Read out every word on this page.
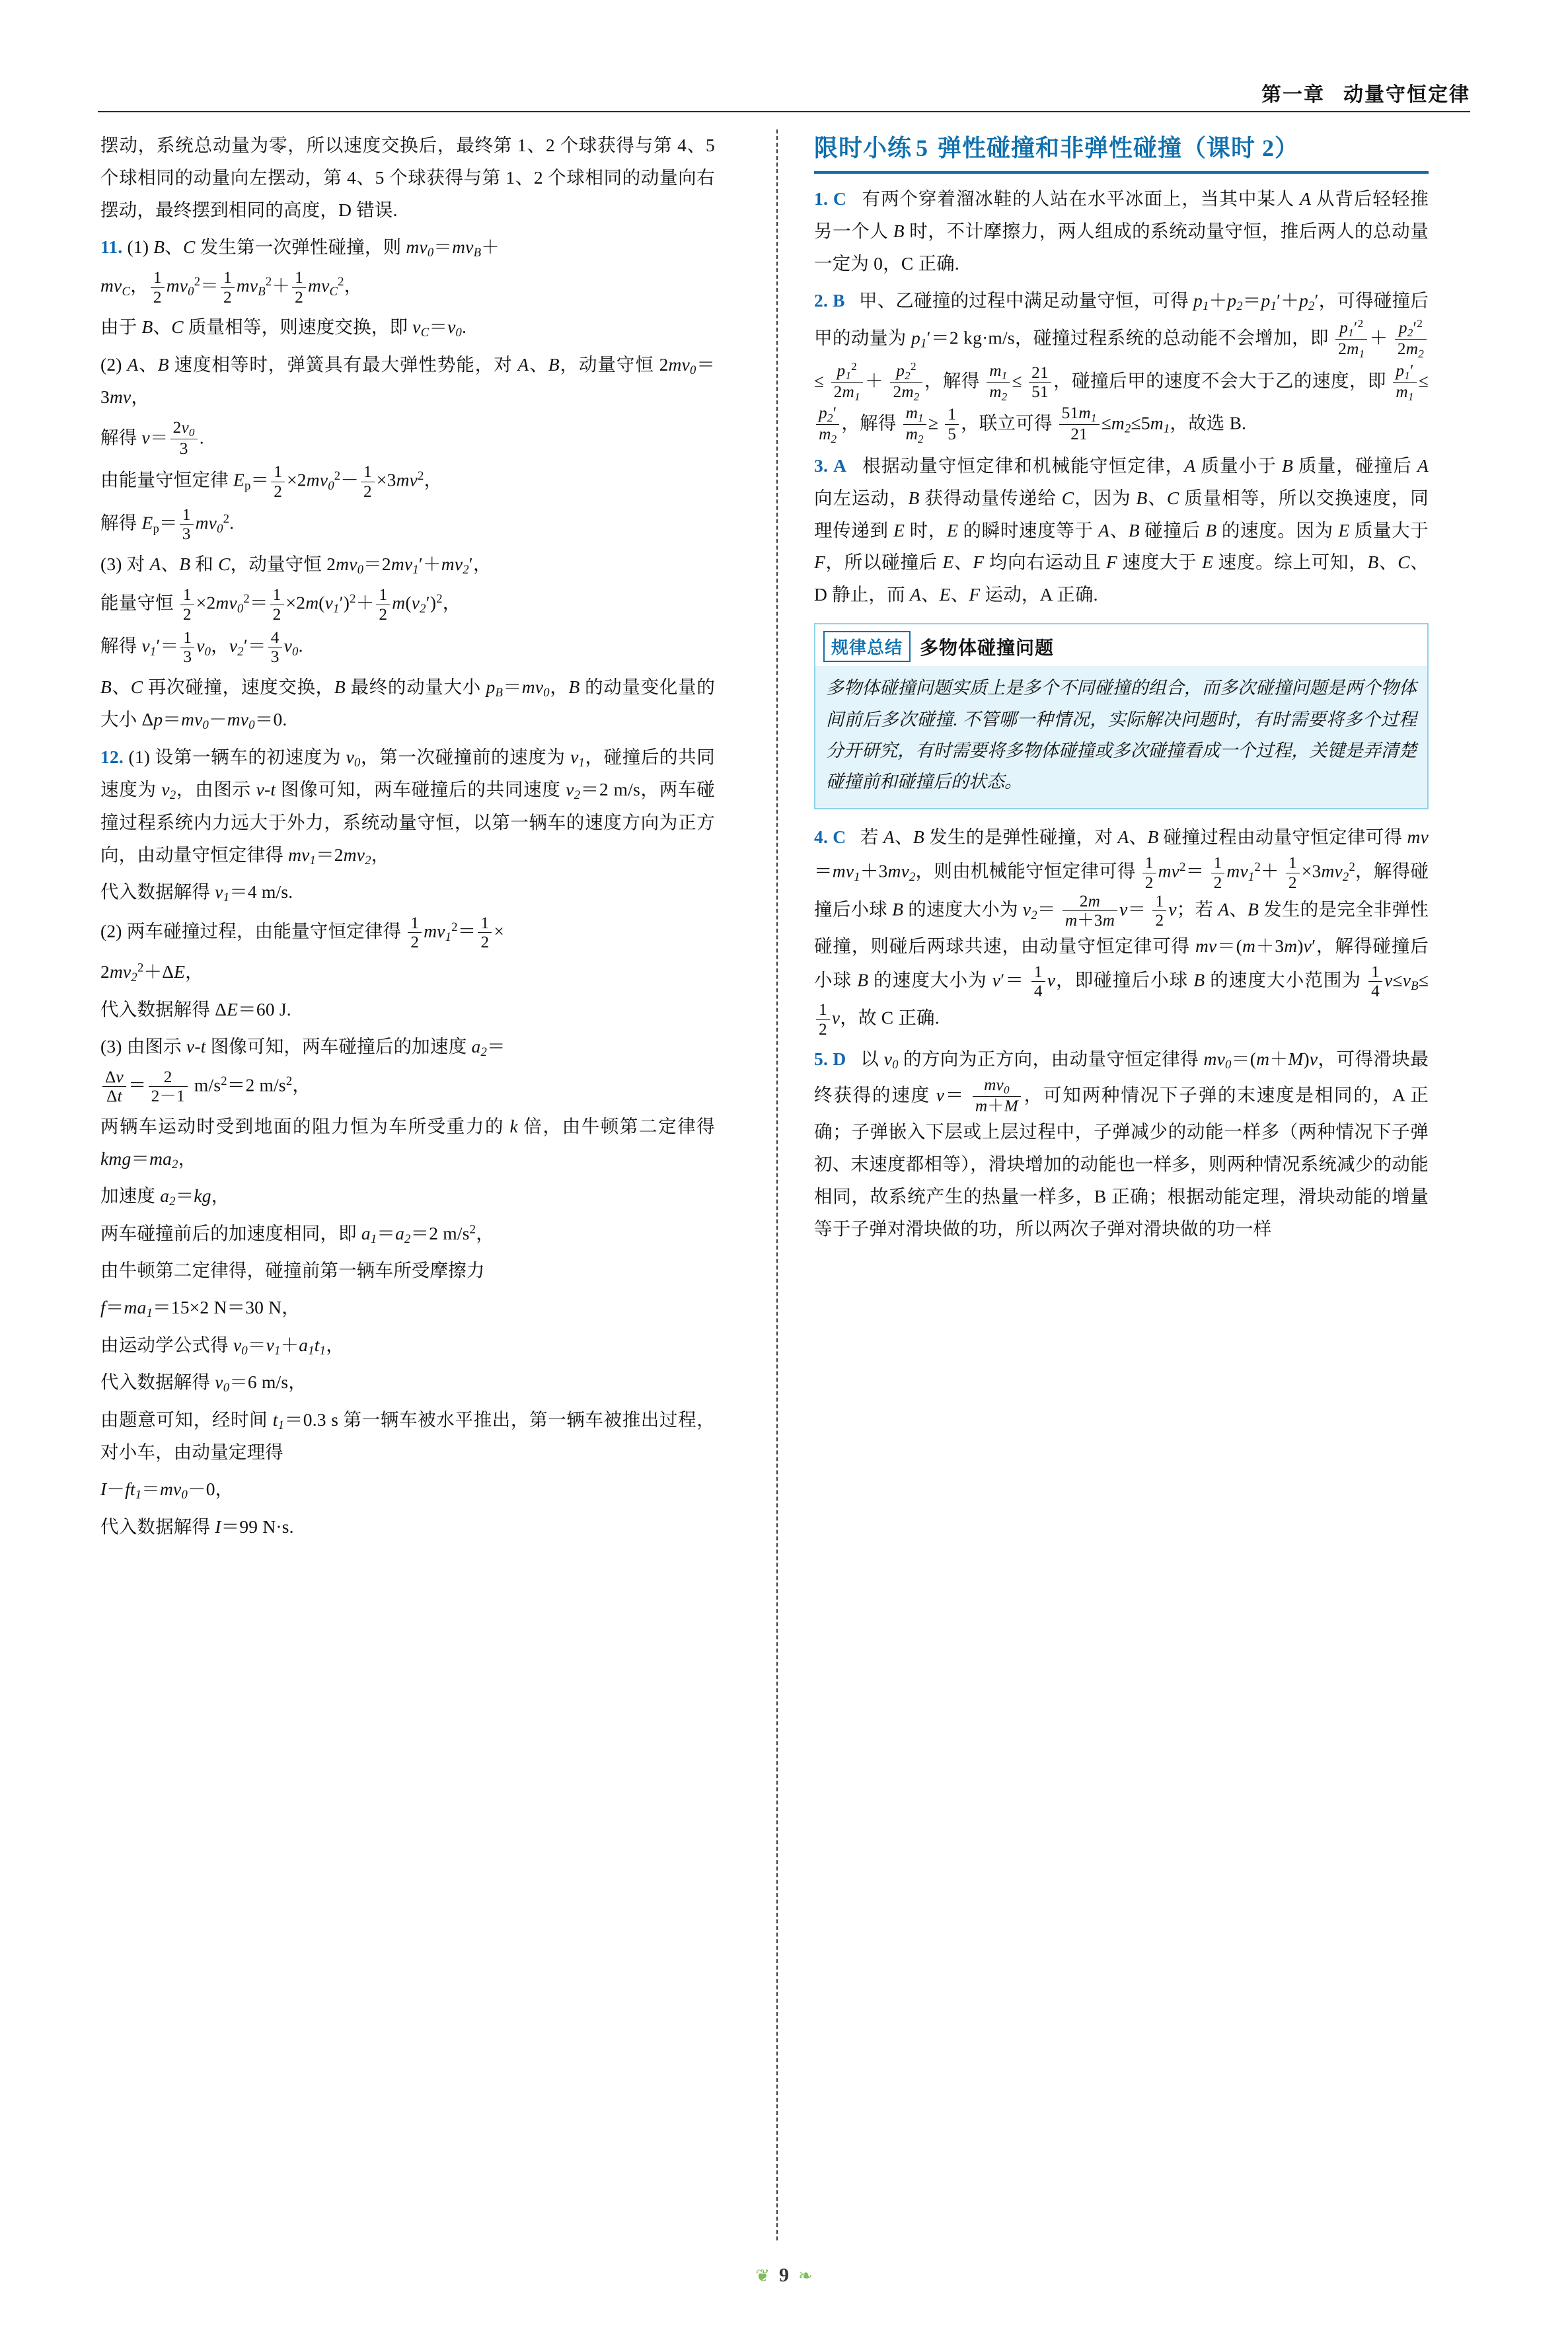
第一章 动量守恒定律

摆动，系统总动量为零，所以速度交换后，最终第 1、2 个球获得与第 4、5 个球相同的动量向左摆动，第 4、5 个球获得与第 1、2 个球相同的动量向右摆动，最终摆到相同的高度，D 错误.

11. (1) B、C 发生第一次弹性碰撞，则 $mv_0=mv_B+$

$mv_C$， $\frac{1}{2} mv_0^2= \frac{1}{2} mv_B^2+ \frac{1}{2} mv_C^2$，

由于 B、C 质量相等，则速度交换，即 $v_C=v_0$.

(2) A、B 速度相等时，弹簧具有最大弹性势能，对 A、B，动量守恒 $2mv_0=3mv$，

解得 $v= \frac{2v_0}{3}$ .

由能量守恒定律 $E_p= \frac{1}{2} \times 2mv_0^2- \frac{1}{2} \times 3mv^2$，

解得 $E_p= \frac{1}{3} mv_0^2$.

(3) 对 A、B 和 C，动量守恒 $2mv_0=2mv_1'+mv_2'$，

能量守恒 $\frac{1}{2} \times 2mv_0^2= \frac{1}{2} \times 2m(v_1')^2+ \frac{1}{2} m(v_2')^2$，

解得 $v_1'= \frac{1}{3} v_0$，$v_2'= \frac{4}{3} v_0$.

B、C 再次碰撞，速度交换，B 最终的动量大小 $p_B=mv_0$，B 的动量变化量的大小 $\Delta p=mv_0-mv_0=0$.

12. (1) 设第一辆车的初速度为 $v_0$，第一次碰撞前的速度为 $v_1$，碰撞后的共同速度为 $v_2$，由图示 v-t 图像可知，两车碰撞后的共同速度 $v_2=2$ m/s，两车碰撞过程系统内力远大于外力，系统动量守恒，以第一辆车的速度方向为正方向，由动量守恒定律得 $mv_1=2mv_2$，

代入数据解得 $v_1=4$ m/s.

(2) 两车碰撞过程，由能量守恒定律得 $\frac{1}{2} mv_1^2= \frac{1}{2}$ ×

$2mv_2^2+\Delta E$，

代入数据解得 ΔE＝60 J.

(3) 由图示 v-t 图像可知，两车碰撞后的加速度 $a_2=$

$\frac{\Delta v}{\Delta t} = \frac{2}{2-1} m/s^2=2$ $m/s^2$，

两辆车运动时受到地面的阻力恒为车所受重力的 k 倍，由牛顿第二定律得 $kmg=ma_2$，

加速度 $a_2=kg$，

两车碰撞前后的加速度相同，即 $a_1=a_2=2$ $m/s^2$，

由牛顿第二定律得，碰撞前第一辆车所受摩擦力

$f=ma_1=15\times 2$ N＝30 N，

由运动学公式得 $v_0=v_1+a_1t_1$，

代入数据解得 $v_0=6$ m/s，

由题意可知，经时间 $t_1=0.3$ s 第一辆车被水平推出，第一辆车被推出过程，对小车，由动量定理得

$I-ft_1=mv_0-0$，

代入数据解得 I＝99 N·s.

限时小练 5 弹性碰撞和非弹性碰撞（课时 2）

1. C   有两个穿着溜冰鞋的人站在水平冰面上，当其中某人 A 从背后轻轻推另一个人 B 时，不计摩擦力，两人组成的系统动量守恒，推后两人的总动量一定为 0，C 正确.

2. B   甲、乙碰撞的过程中满足动量守恒，可得 $p_1+p_2=p_1'+p_2'$，可得碰撞后甲的动量为 $p_1'=2$ kg·m/s，碰撞过程系统的总动能不会增加，即 $\frac{p_1'^2}{2m_1} + \frac{p_2'^2}{2m_2}$
≤ $\frac{p_1^2}{2m_1} + \frac{p_2^2}{2m_2}$ ，解得 $\frac{m_1}{m_2} \le \frac{21}{51}$ ，碰撞后甲的速度不会大于乙的速度，即 $\frac{p_1'}{m_1}$ ≤
$\frac{p_2'}{m_2}$ ，解得 $\frac{m_1}{m_2} \ge \frac{1}{5}$ ，联立可得 $\frac{51m_1}{21} \le m_2\le 5m_1$，故选 B.

3. A   根据动量守恒定律和机械能守恒定律，A 质量小于 B 质量，碰撞后 A 向左运动，B 获得动量传递给 C，因为 B、C 质量相等，所以交换速度，同理传递到 E 时，E 的瞬时速度等于 A、B 碰撞后 B 的速度。因为 E 质量大于 F，所以碰撞后 E、F 均向右运动且 F 速度大于 E 速度。综上可知，B、C、D 静止，而 A、E、F 运动，A 正确.

规律总结 多物体碰撞问题
多物体碰撞问题实质上是多个不同碰撞的组合，而多次碰撞问题是两个物体间前后多次碰撞. 不管哪一种情况，实际解决问题时，有时需要将多个过程分开研究，有时需要将多物体碰撞或多次碰撞看成一个过程，关键是弄清楚碰撞前和碰撞后的状态。

4. C   若 A、B 发生的是弹性碰撞，对 A、B 碰撞过程由动量守恒定律可得 $mv=mv_1+3mv_2$，则由机械能守恒定律可得 $\frac{1}{2} mv^2= \frac{1}{2} mv_1^2+ \frac{1}{2} \times 3mv_2^2$，解得碰撞后小球 B 的速度大小为 $v_2= \frac{2m}{m+3m} v= \frac{1}{2}$ v；若 A、B 发生的是完全非弹性碰撞，则碰后两球共速，由动量守恒定律可得 mv＝(m＋3m)v′，解得碰撞后小球 B 的速度大小为 $v'= \frac{1}{4}$ v，即碰撞后小球 B 的速度大小范围为 $\frac{1}{4} v\le v_B\le$
$\frac{1}{2}$ v，故 C 正确.

5. D   以 $v_0$ 的方向为正方向，由动量守恒定律得 $mv_0=(m+M)v$，可得滑块最终获得的速度 $v= \frac{mv_0}{m+M}$ ，可知两种情况下子弹的末速度是相同的，A 正确；子弹嵌入下层或上层过程中，子弹减少的动能一样多（两种情况下子弹初、末速度都相等），滑块增加的动能也一样多，则两种情况系统减少的动能相同，故系统产生的热量一样多，B 正确；根据动能定理，滑块动能的增量等于子弹对滑块做的功，所以两次子弹对滑块做的功一样

❦ 9 ❧
